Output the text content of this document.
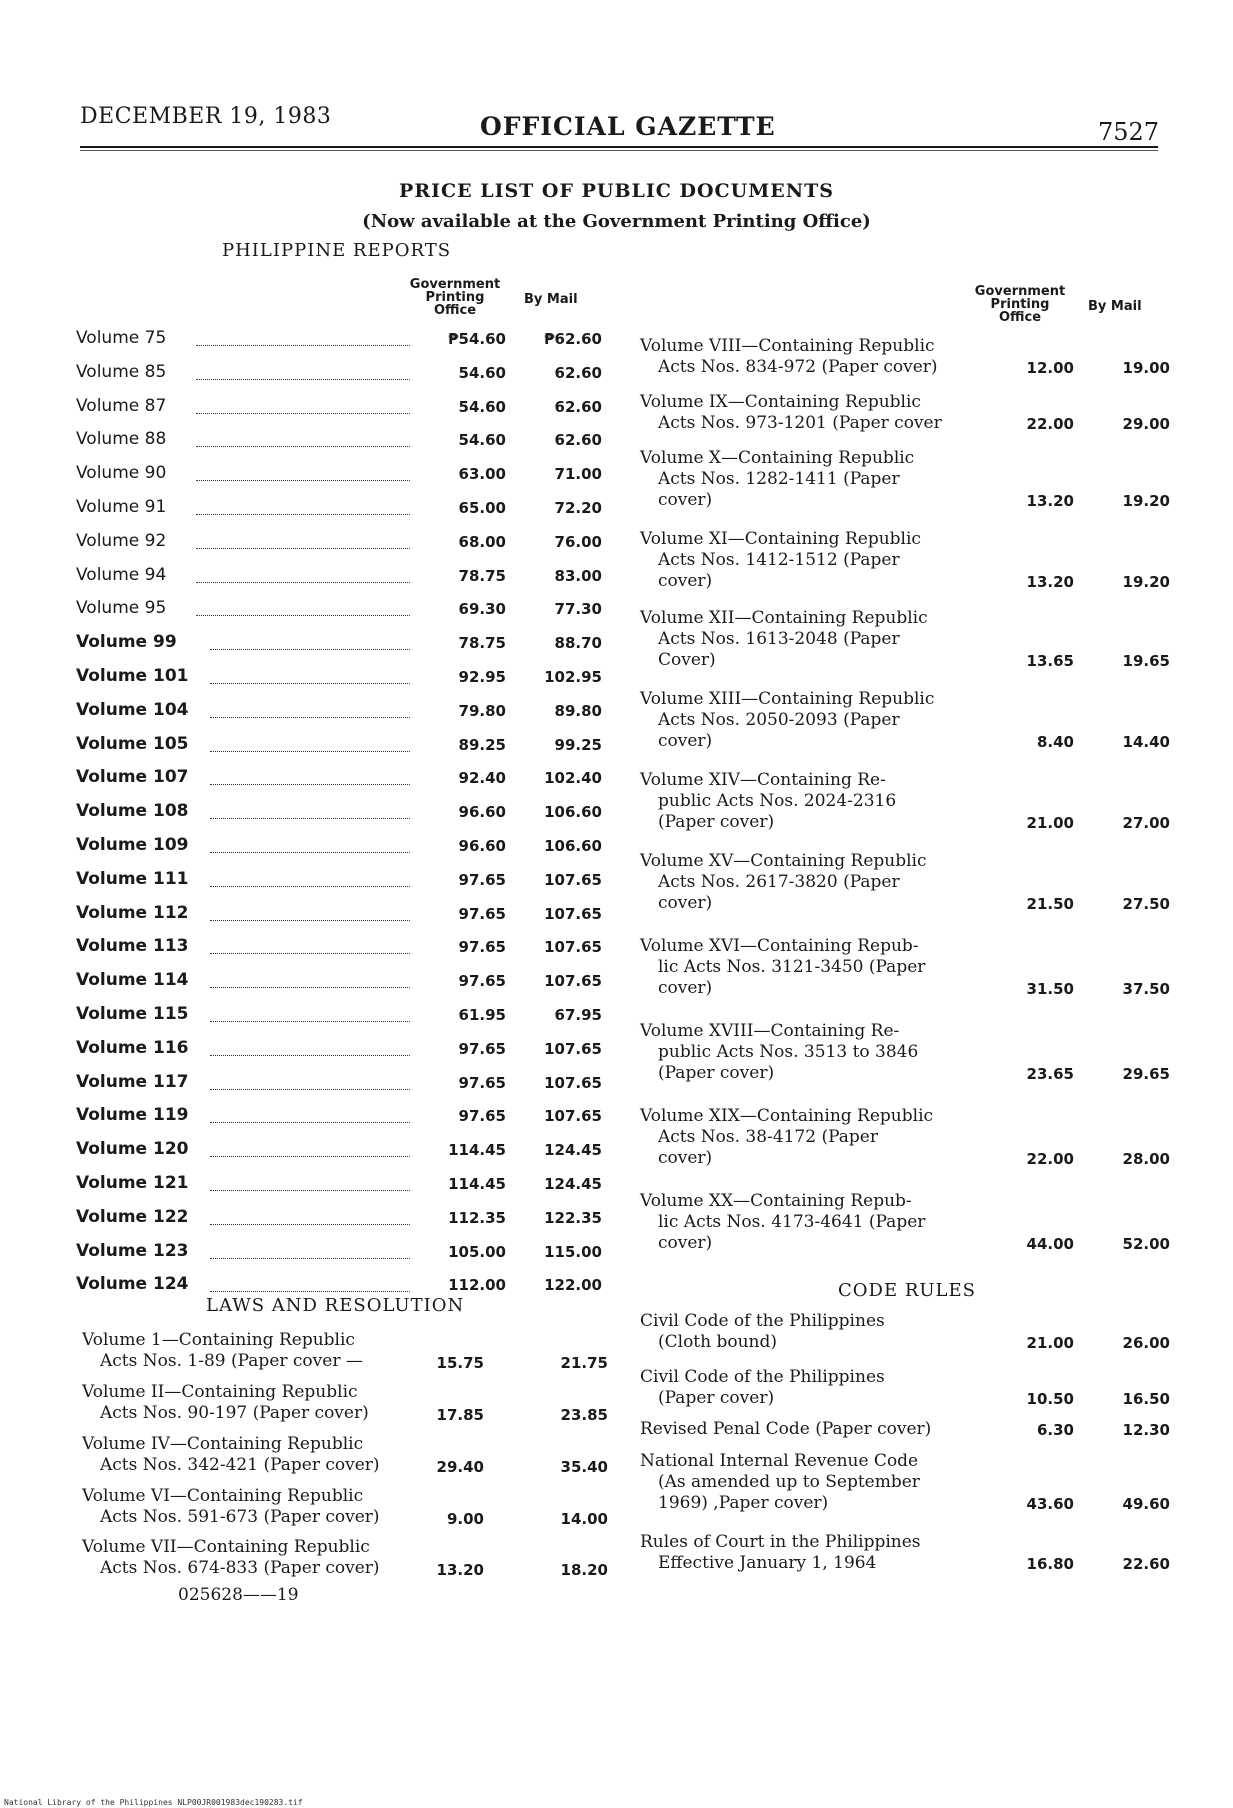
DECEMBER 19, 1983	OFFICIAL GAZETTE	7527
PRICE LIST OF PUBLIC DOCUMENTS
(Now available at the Government Printing Office)
PHILIPPINE REPORTS
Government
Printing
Office
By Mail
Volume 75	₱54.60	₱62.60
Volume 85	54.60	62.60
Volume 87	54.60	62.60
Volume 88	54.60	62.60
Volume 90	63.00	71.00
Volume 91	65.00	72.20
Volume 92	68.00	76.00
Volume 94	78.75	83.00
Volume 95	69.30	77.30
Volume 99	78.75	88.70
Volume 101	92.95	102.95
Volume 104	79.80	89.80
Volume 105	89.25	99.25
Volume 107	92.40	102.40
Volume 108	96.60	106.60
Volume 109	96.60	106.60
Volume 111	97.65	107.65
Volume 112	97.65	107.65
Volume 113	97.65	107.65
Volume 114	97.65	107.65
Volume 115	61.95	67.95
Volume 116	97.65	107.65
Volume 117	97.65	107.65
Volume 119	97.65	107.65
Volume 120	114.45	124.45
Volume 121	114.45	124.45
Volume 122	112.35	122.35
Volume 123	105.00	115.00
Volume 124	112.00	122.00
LAWS AND RESOLUTION
Volume 1—Containing Republic
Acts Nos. 1-89 (Paper cover —	15.75	21.75
Volume II—Containing Republic
Acts Nos. 90-197 (Paper cover)	17.85	23.85
Volume IV—Containing Republic
Acts Nos. 342-421 (Paper cover)	29.40	35.40
Volume VI—Containing Republic
Acts Nos. 591-673 (Paper cover)	9.00	14.00
Volume VII—Containing Republic
Acts Nos. 674-833 (Paper cover)	13.20	18.20
025628——19
Government
Printing
Office
By Mail
Volume VIII—Containing Republic
Acts Nos. 834-972 (Paper cover)	12.00	19.00
Volume IX—Containing Republic
Acts Nos. 973-1201 (Paper cover	22.00	29.00
Volume X—Containing Republic
Acts Nos. 1282-1411 (Paper
cover)	13.20	19.20
Volume XI—Containing Republic
Acts Nos. 1412-1512 (Paper
cover)	13.20	19.20
Volume XII—Containing Republic
Acts Nos. 1613-2048 (Paper
Cover)	13.65	19.65
Volume XIII—Containing Republic
Acts Nos. 2050-2093 (Paper
cover)	8.40	14.40
Volume XIV—Containing Re-
public Acts Nos. 2024-2316
(Paper cover)	21.00	27.00
Volume XV—Containing Republic
Acts Nos. 2617-3820 (Paper
cover)	21.50	27.50
Volume XVI—Containing Repub-
lic Acts Nos. 3121-3450 (Paper
cover)	31.50	37.50
Volume XVIII—Containing Re-
public Acts Nos. 3513 to 3846
(Paper cover)	23.65	29.65
Volume XIX—Containing Republic
Acts Nos. 38-4172 (Paper
cover)	22.00	28.00
Volume XX—Containing Repub-
lic Acts Nos. 4173-4641 (Paper
cover)	44.00	52.00
CODE RULES
Civil Code of the Philippines
(Cloth bound)	21.00	26.00
Civil Code of the Philippines
(Paper cover)	10.50	16.50
Revised Penal Code (Paper cover)	6.30	12.30
National Internal Revenue Code
(As amended up to September
1969) ,Paper cover)	43.60	49.60
Rules of Court in the Philippines
Effective January 1, 1964	16.80	22.60
National Library of the Philippines NLP00JR001983dec190283.tif
